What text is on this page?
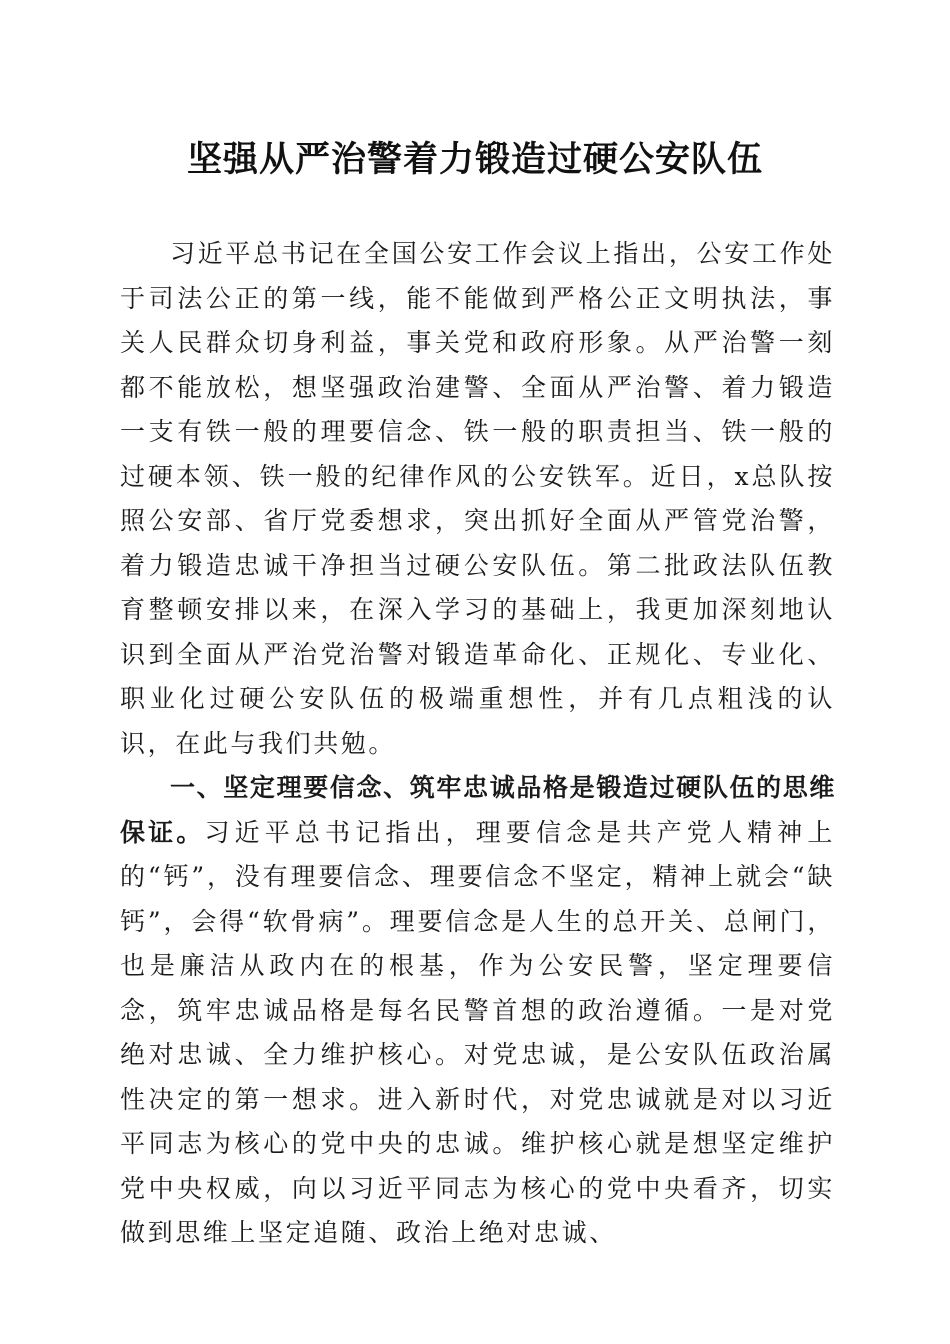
坚强从严治警着力锻造过硬公安队伍

习近平总书记在全国公安工作会议上指出，公安工作处于司法公正的第一线，能不能做到严格公正文明执法，事关人民群众切身利益，事关党和政府形象。从严治警一刻都不能放松，想坚强政治建警、全面从严治警、着力锻造一支有铁一般的理要信念、铁一般的职责担当、铁一般的过硬本领、铁一般的纪律作风的公安铁军。近日，x总队按照公安部、省厅党委想求，突出抓好全面从严管党治警，着力锻造忠诚干净担当过硬公安队伍。第二批政法队伍教育整顿安排以来，在深入学习的基础上，我更加深刻地认识到全面从严治党治警对锻造革命化、正规化、专业化、职业化过硬公安队伍的极端重想性，并有几点粗浅的认识，在此与我们共勉。

一、坚定理要信念、筑牢忠诚品格是锻造过硬队伍的思维保证。习近平总书记指出，理要信念是共产党人精神上的“钙”，没有理要信念、理要信念不坚定，精神上就会“缺钙”，会得“软骨病”。理要信念是人生的总开关、总闸门，也是廉洁从政内在的根基，作为公安民警，坚定理要信念，筑牢忠诚品格是每名民警首想的政治遵循。一是对党绝对忠诚、全力维护核心。对党忠诚，是公安队伍政治属性决定的第一想求。进入新时代，对党忠诚就是对以习近平同志为核心的党中央的忠诚。维护核心就是想坚定维护党中央权威，向以习近平同志为核心的党中央看齐，切实做到思维上坚定追随、政治上绝对忠诚、
